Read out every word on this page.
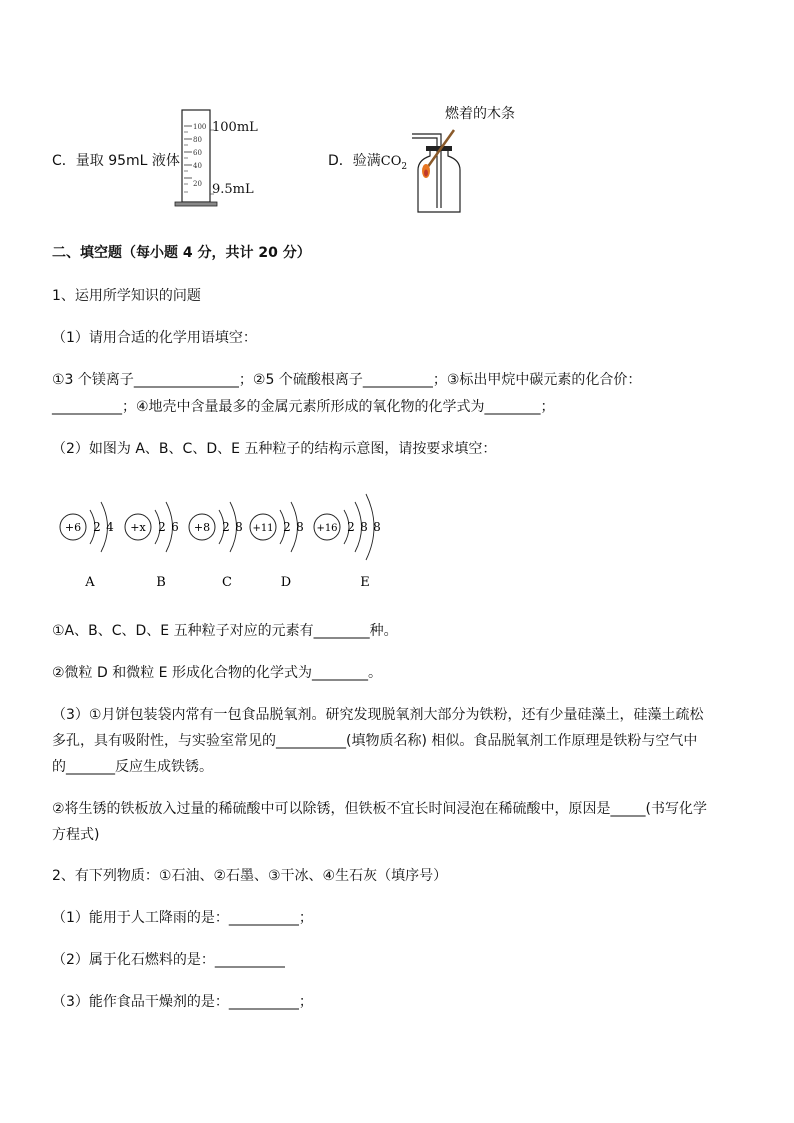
C．量取 95mL 液体
100
80
60
40
20
100mL
9.5mL
D．验满$CO_2$
燃着的木条
二、填空题（每小题 4 分，共计 20 分）
1、运用所学知识的问题
（1）请用合适的化学用语填空：
①3 个镁离子_______________；②5 个硫酸根离子__________；③标出甲烷中碳元素的化合价：
__________；④地壳中含量最多的金属元素所形成的氧化物的化学式为________；
（2）如图为 A、B、C、D、E 五种粒子的结构示意图，请按要求填空：
+6 2 4
A
+x 2 6
B
+8 2 8
C
+11 2 8
D
+16 2 8 8
E
①A、B、C、D、E 五种粒子对应的元素有________种。
②微粒 D 和微粒 E 形成化合物的化学式为________。
（3）①月饼包装袋内常有一包食品脱氧剂。研究发现脱氧剂大部分为铁粉，还有少量硅藻土，硅藻土疏松
多孔，具有吸附性，与实验室常见的__________(填物质名称) 相似。食品脱氧剂工作原理是铁粉与空气中
的_______反应生成铁锈。
②将生锈的铁板放入过量的稀硫酸中可以除锈，但铁板不宜长时间浸泡在稀硫酸中，原因是_____(书写化学
方程式)
2、有下列物质：①石油、②石墨、③干冰、④生石灰（填序号）
（1）能用于人工降雨的是：__________；
（2）属于化石燃料的是：__________
（3）能作食品干燥剂的是：__________；
